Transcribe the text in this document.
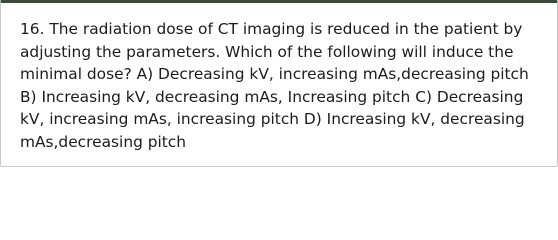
16. The radiation dose of CT imaging is reduced in the patient by adjusting the parameters. Which of the following will induce the minimal dose? A) Decreasing kV, increasing mAs,decreasing pitch B) Increasing kV, decreasing mAs, Increasing pitch C) Decreasing kV, increasing mAs, increasing pitch D) Increasing kV, decreasing mAs,decreasing pitch
